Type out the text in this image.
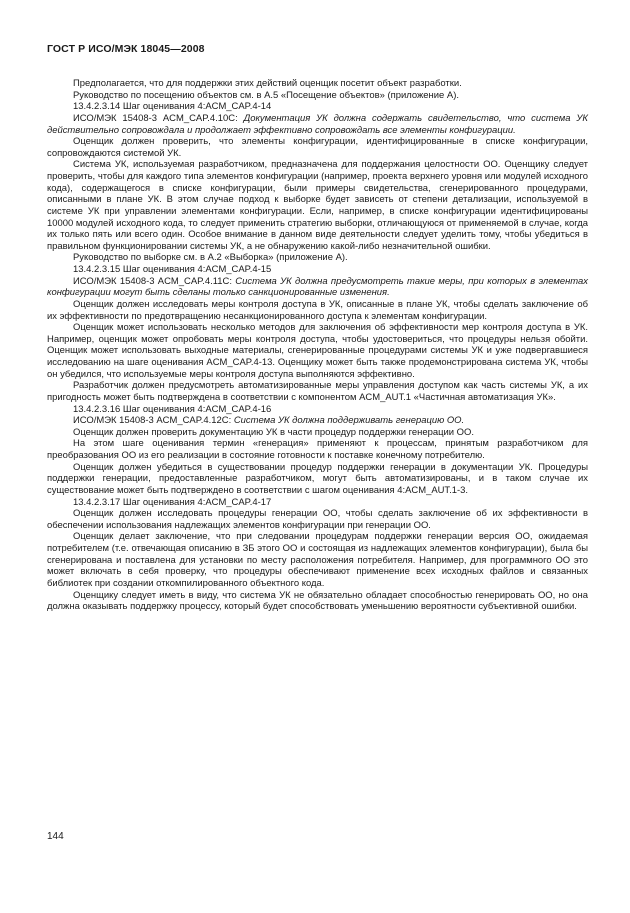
ГОСТ Р ИСО/МЭК 18045—2008

Предполагается, что для поддержки этих действий оценщик посетит объект разработки.

Руководство по посещению объектов см. в А.5 «Посещение объектов» (приложение А).

13.4.2.3.14 Шаг оценивания 4:ACM_CAP.4-14

ИСО/МЭК 15408-3 ACM_CAP.4.10C: Документация УК должна содержать свидетельство, что система УК действительно сопровождала и продолжает эффективно сопровождать все элементы конфигурации.

Оценщик должен проверить, что элементы конфигурации, идентифицированные в списке конфигурации, сопровождаются системой УК.

Система УК, используемая разработчиком, предназначена для поддержания целостности ОО. Оценщику следует проверить, чтобы для каждого типа элементов конфигурации (например, проекта верхнего уровня или модулей исходного кода), содержащегося в списке конфигурации, были примеры свидетельства, сгенерированного процедурами, описанными в плане УК. В этом случае подход к выборке будет зависеть от степени детализации, используемой в системе УК при управлении элементами конфигурации. Если, например, в списке конфигурации идентифицированы 10000 модулей исходного кода, то следует применить стратегию выборки, отличающуюся от применяемой в случае, когда их только пять или всего один. Особое внимание в данном виде деятельности следует уделить тому, чтобы убедиться в правильном функционировании системы УК, а не обнаружению какой-либо незначительной ошибки.

Руководство по выборке см. в А.2 «Выборка» (приложение А).

13.4.2.3.15 Шаг оценивания 4:ACM_CAP.4-15

ИСО/МЭК 15408-3 ACM_CAP.4.11C: Система УК должна предусмотреть такие меры, при которых в элементах конфигурации могут быть сделаны только санкционированные изменения.

Оценщик должен исследовать меры контроля доступа в УК, описанные в плане УК, чтобы сделать заключение об их эффективности по предотвращению несанкционированного доступа к элементам конфигурации.

Оценщик может использовать несколько методов для заключения об эффективности мер контроля доступа в УК. Например, оценщик может опробовать меры контроля доступа, чтобы удостовериться, что процедуры нельзя обойти. Оценщик может использовать выходные материалы, сгенерированные процедурами системы УК и уже подвергавшиеся исследованию на шаге оценивания ACM_CAP.4-13. Оценщику может быть также продемонстрирована система УК, чтобы он убедился, что используемые меры контроля доступа выполняются эффективно.

Разработчик должен предусмотреть автоматизированные меры управления доступом как часть системы УК, а их пригодность может быть подтверждена в соответствии с компонентом ACM_AUT.1 «Частичная автоматизация УК».

13.4.2.3.16 Шаг оценивания 4:ACM_CAP.4-16

ИСО/МЭК 15408-3 ACM_CAP.4.12C: Система УК должна поддерживать генерацию ОО.

Оценщик должен проверить документацию УК в части процедур поддержки генерации ОО.

На этом шаге оценивания термин «генерация» применяют к процессам, принятым разработчиком для преобразования ОО из его реализации в состояние готовности к поставке конечному потребителю.

Оценщик должен убедиться в существовании процедур поддержки генерации в документации УК. Процедуры поддержки генерации, предоставленные разработчиком, могут быть автоматизированы, и в таком случае их существование может быть подтверждено в соответствии с шагом оценивания 4:ACM_AUT.1-3.

13.4.2.3.17 Шаг оценивания 4:ACM_CAP.4-17

Оценщик должен исследовать процедуры генерации ОО, чтобы сделать заключение об их эффективности в обеспечении использования надлежащих элементов конфигурации при генерации ОО.

Оценщик делает заключение, что при следовании процедурам поддержки генерации версия ОО, ожидаемая потребителем (т.е. отвечающая описанию в ЗБ этого ОО и состоящая из надлежащих элементов конфигурации), была бы сгенерирована и поставлена для установки по месту расположения потребителя. Например, для программного ОО это может включать в себя проверку, что процедуры обеспечивают применение всех исходных файлов и связанных библиотек при создании откомпилированного объектного кода.

Оценщику следует иметь в виду, что система УК не обязательно обладает способностью генерировать ОО, но она должна оказывать поддержку процессу, который будет способствовать уменьшению вероятности субъективной ошибки.

144
